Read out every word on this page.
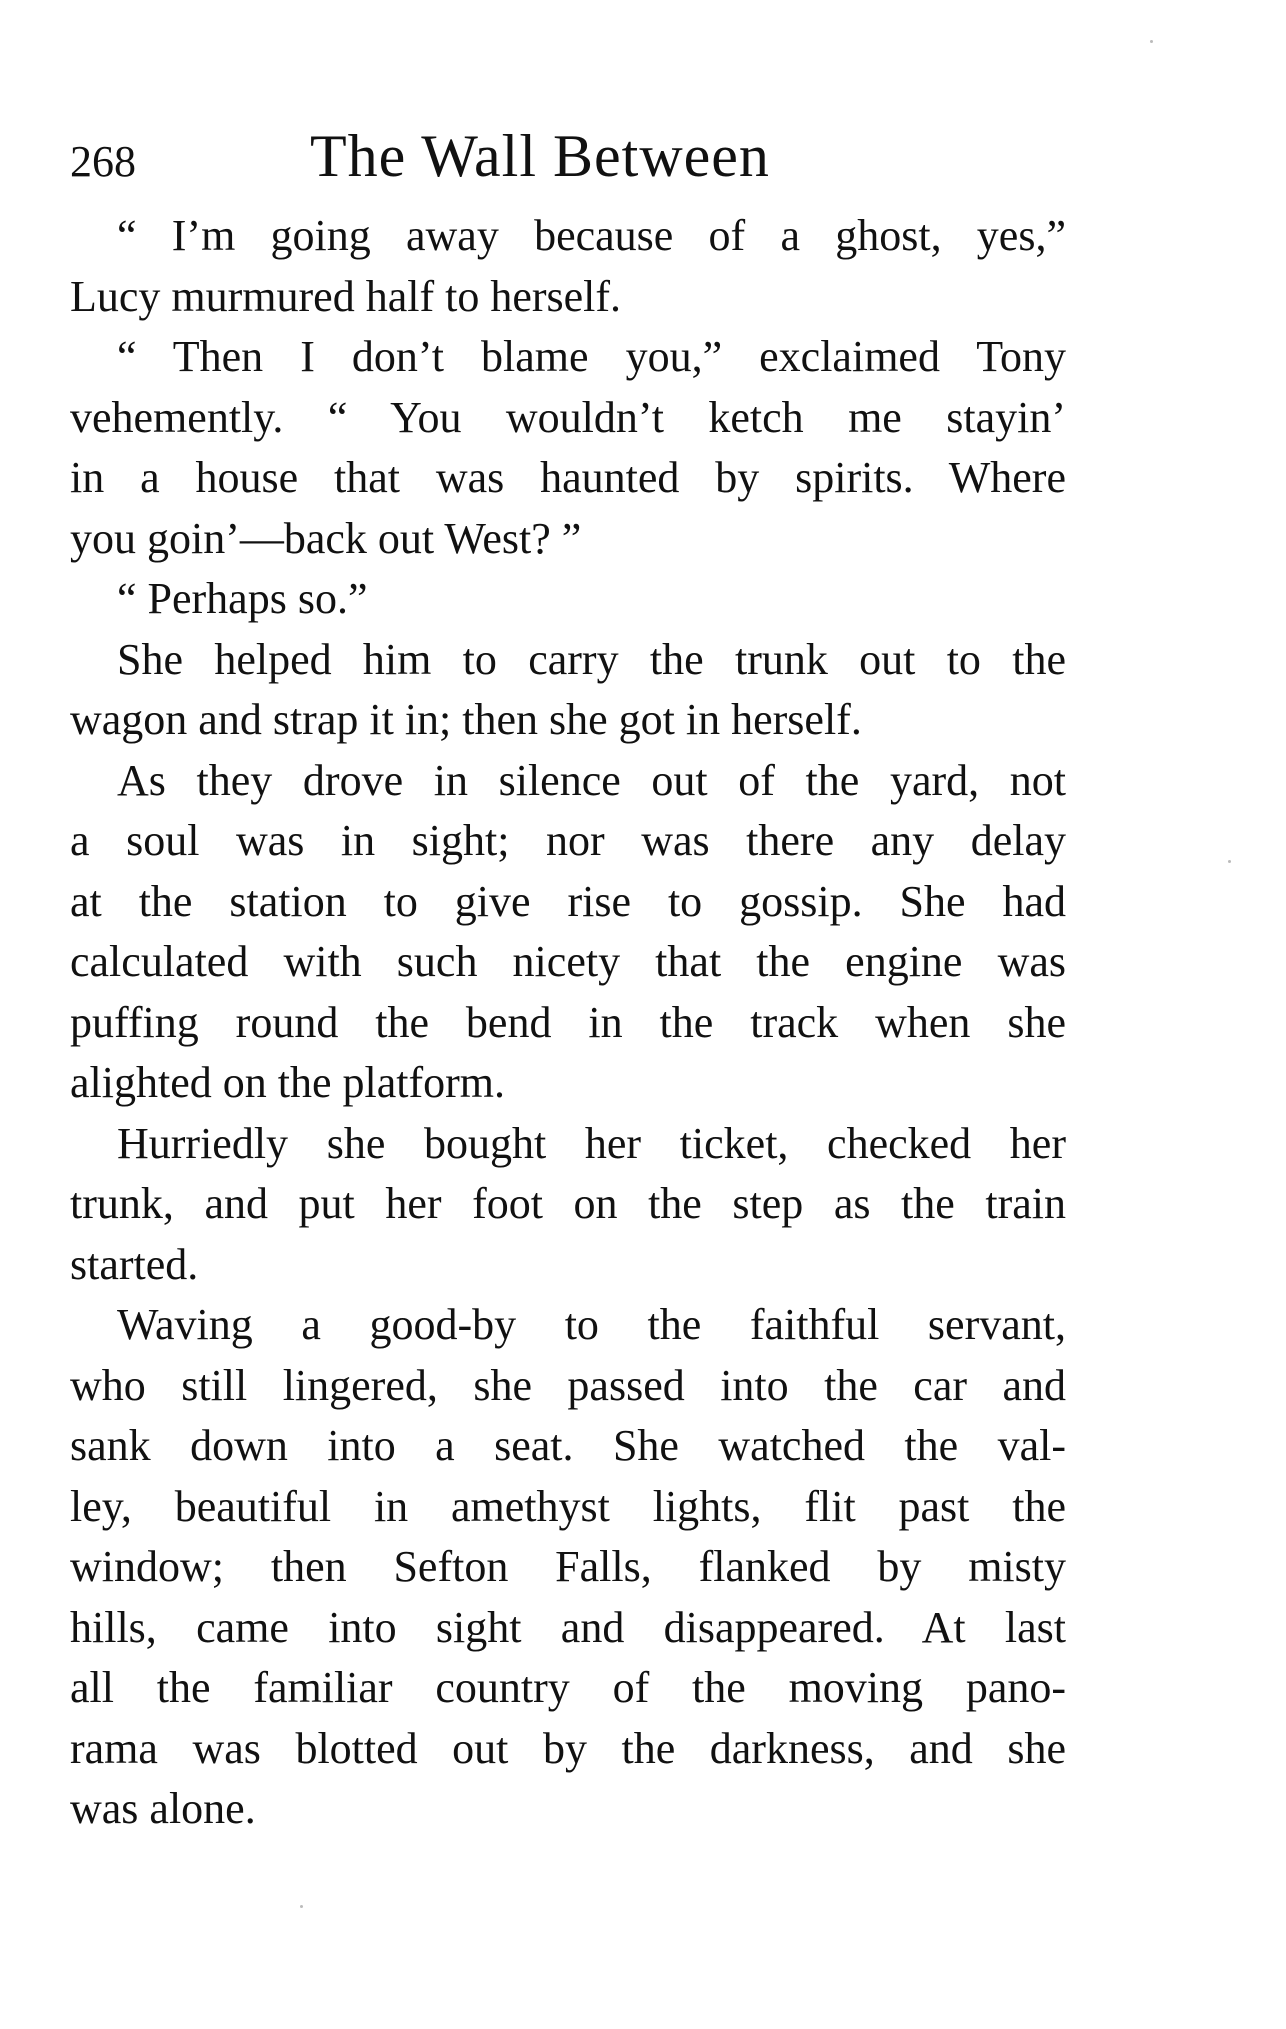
268	The Wall Between
“ I’m going away because of a ghost, yes,”
Lucy murmured half to herself.
“ Then I don’t blame you,” exclaimed Tony
vehemently. “ You wouldn’t ketch me stayin’
in a house that was haunted by spirits. Where
you goin’—back out West? ”
“ Perhaps so.”
She helped him to carry the trunk out to the
wagon and strap it in; then she got in herself.
As they drove in silence out of the yard, not
a soul was in sight; nor was there any delay
at the station to give rise to gossip. She had
calculated with such nicety that the engine was
puffing round the bend in the track when she
alighted on the platform.
Hurriedly she bought her ticket, checked her
trunk, and put her foot on the step as the train
started.
Waving a good-by to the faithful servant,
who still lingered, she passed into the car and
sank down into a seat. She watched the val-
ley, beautiful in amethyst lights, flit past the
window; then Sefton Falls, flanked by misty
hills, came into sight and disappeared. At last
all the familiar country of the moving pano-
rama was blotted out by the darkness, and she
was alone.
